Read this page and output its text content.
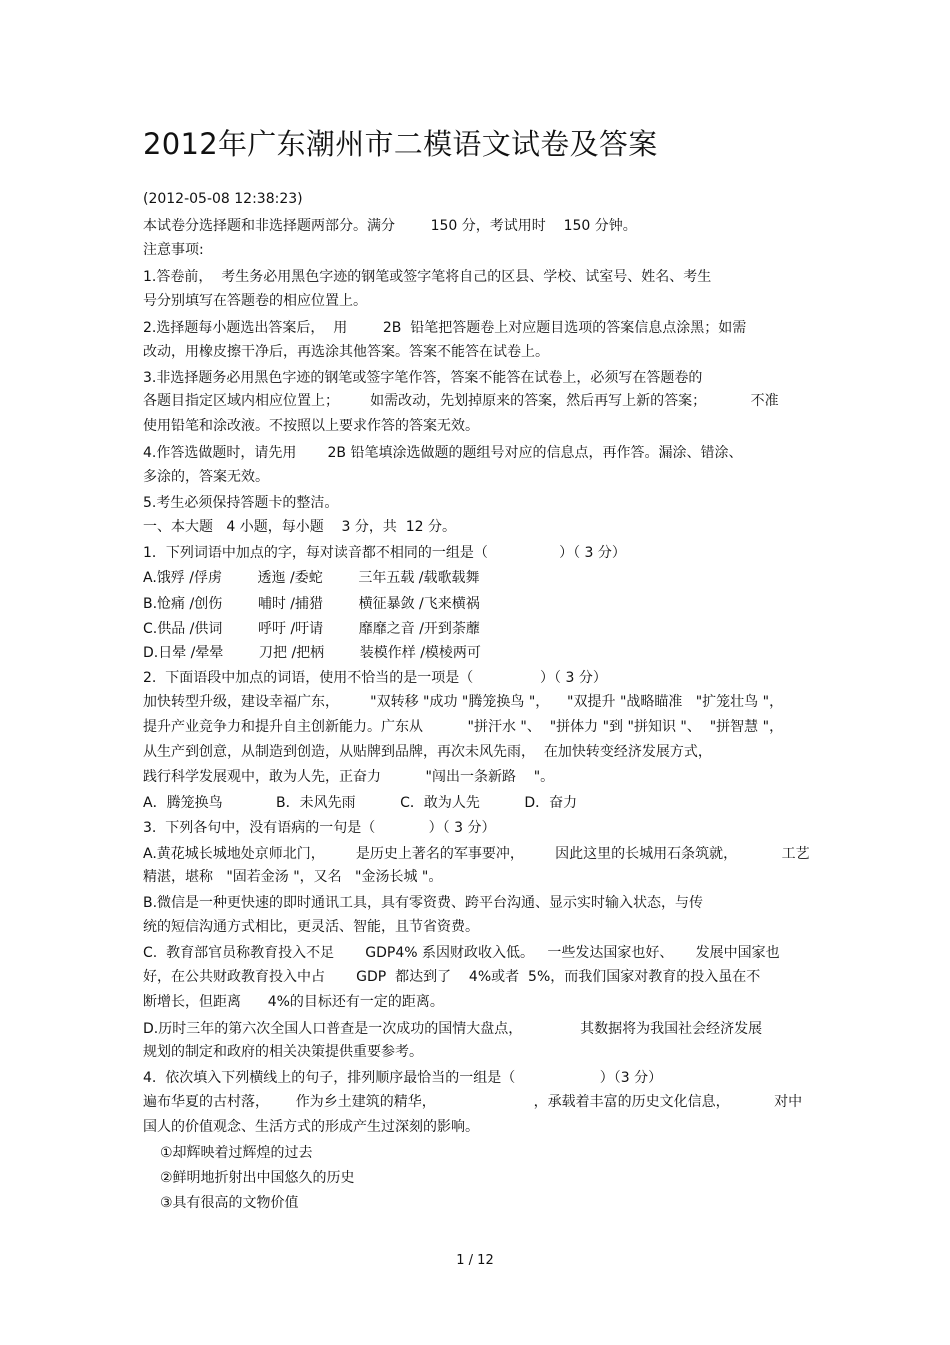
2012年广东潮州市二模语文试卷及答案
(2012-05-08 12:38:23)
本试卷分选择题和非选择题两部分。满分        150 分，考试用时    150 分钟。
注意事项:
1.答卷前，  考生务必用黑色字迹的钢笔或签字笔将自己的区县、学校、试室号、姓名、考生
号分别填写在答题卷的相应位置上。
2.选择题每小题选出答案后，  用        2B  铅笔把答题卷上对应题目选项的答案信息点涂黑；如需
改动，用橡皮擦干净后，再选涂其他答案。答案不能答在试卷上。
3.非选择题务必用黑色字迹的钢笔或签字笔作答，答案不能答在试卷上，必须写在答题卷的
各题目指定区域内相应位置上；       如需改动，先划掉原来的答案，然后再写上新的答案；          不准
使用铅笔和涂改液。不按照以上要求作答的答案无效。
4.作答选做题时，请先用       2B 铅笔填涂选做题的题组号对应的信息点，再作答。漏涂、错涂、
多涂的，答案无效。
5.考生必须保持答题卡的整洁。
一、本大题   4 小题，每小题    3 分，共  12 分。
1．下列词语中加点的字，每对读音都不相同的一组是（                ）（ 3 分）
A.饿殍 /俘虏        透迤 /委蛇        三年五载 /载歌载舞
B.怆痛 /创伤        哺时 /捕猎        横征暴敛 /飞来横祸
C.供品 /供词        呼吁 /吁请        靡靡之音 /开到荼蘼
D.日晕 /晕晕        刀把 /把柄        装模作样 /模棱两可
2.  下面语段中加点的词语，使用不恰当的是一项是（               ）（ 3 分）
加快转型升级，建设幸福广东，       "双转移 "成功 "腾笼换鸟 "，    "双提升 "战略瞄准   "扩笼壮鸟 "，
提升产业竞争力和提升自主创新能力。广东从          "拼汗水 "、  "拼体力 "到 "拼知识 "、  "拼智慧 "，
从生产到创意，从制造到创造，从贴牌到品牌，再次未风先雨，  在加快转变经济发展方式，
践行科学发展观中，敢为人先，正奋力          "闯出一条新路    "。
A．腾笼换鸟            B．未风先雨          C．敢为人先          D．奋力
3.  下列各句中，没有语病的一句是（            ）（ 3 分）
A.黄花城长城地处京师北门，       是历史上著名的军事要冲，       因此这里的长城用石条筑就，          工艺
精湛，堪称   "固若金汤 "，又名   "金汤长城 "。
B.微信是一种更快速的即时通讯工具，具有零资费、跨平台沟通、显示实时输入状态，与传
统的短信沟通方式相比，更灵活、智能，且节省资费。
C.  教育部官员称教育投入不足       GDP4% 系因财政收入低。   一些发达国家也好、     发展中国家也
好，在公共财政教育投入中占       GDP  都达到了    4%或者  5%，而我们国家对教育的投入虽在不
断增长，但距离      4%的目标还有一定的距离。
D.历时三年的第六次全国人口普查是一次成功的国情大盘点，             其数据将为我国社会经济发展
规划的制定和政府的相关决策提供重要参考。
4.  依次填入下列横线上的句子，排列顺序最恰当的一组是（                   ）（3 分）
遍布华夏的古村落，      作为乡土建筑的精华，                      ，承载着丰富的历史文化信息，          对中
国人的价值观念、生活方式的形成产生过深刻的影响。
①却辉映着过辉煌的过去
②鲜明地折射出中国悠久的历史
③具有很高的文物价值
1 / 12
